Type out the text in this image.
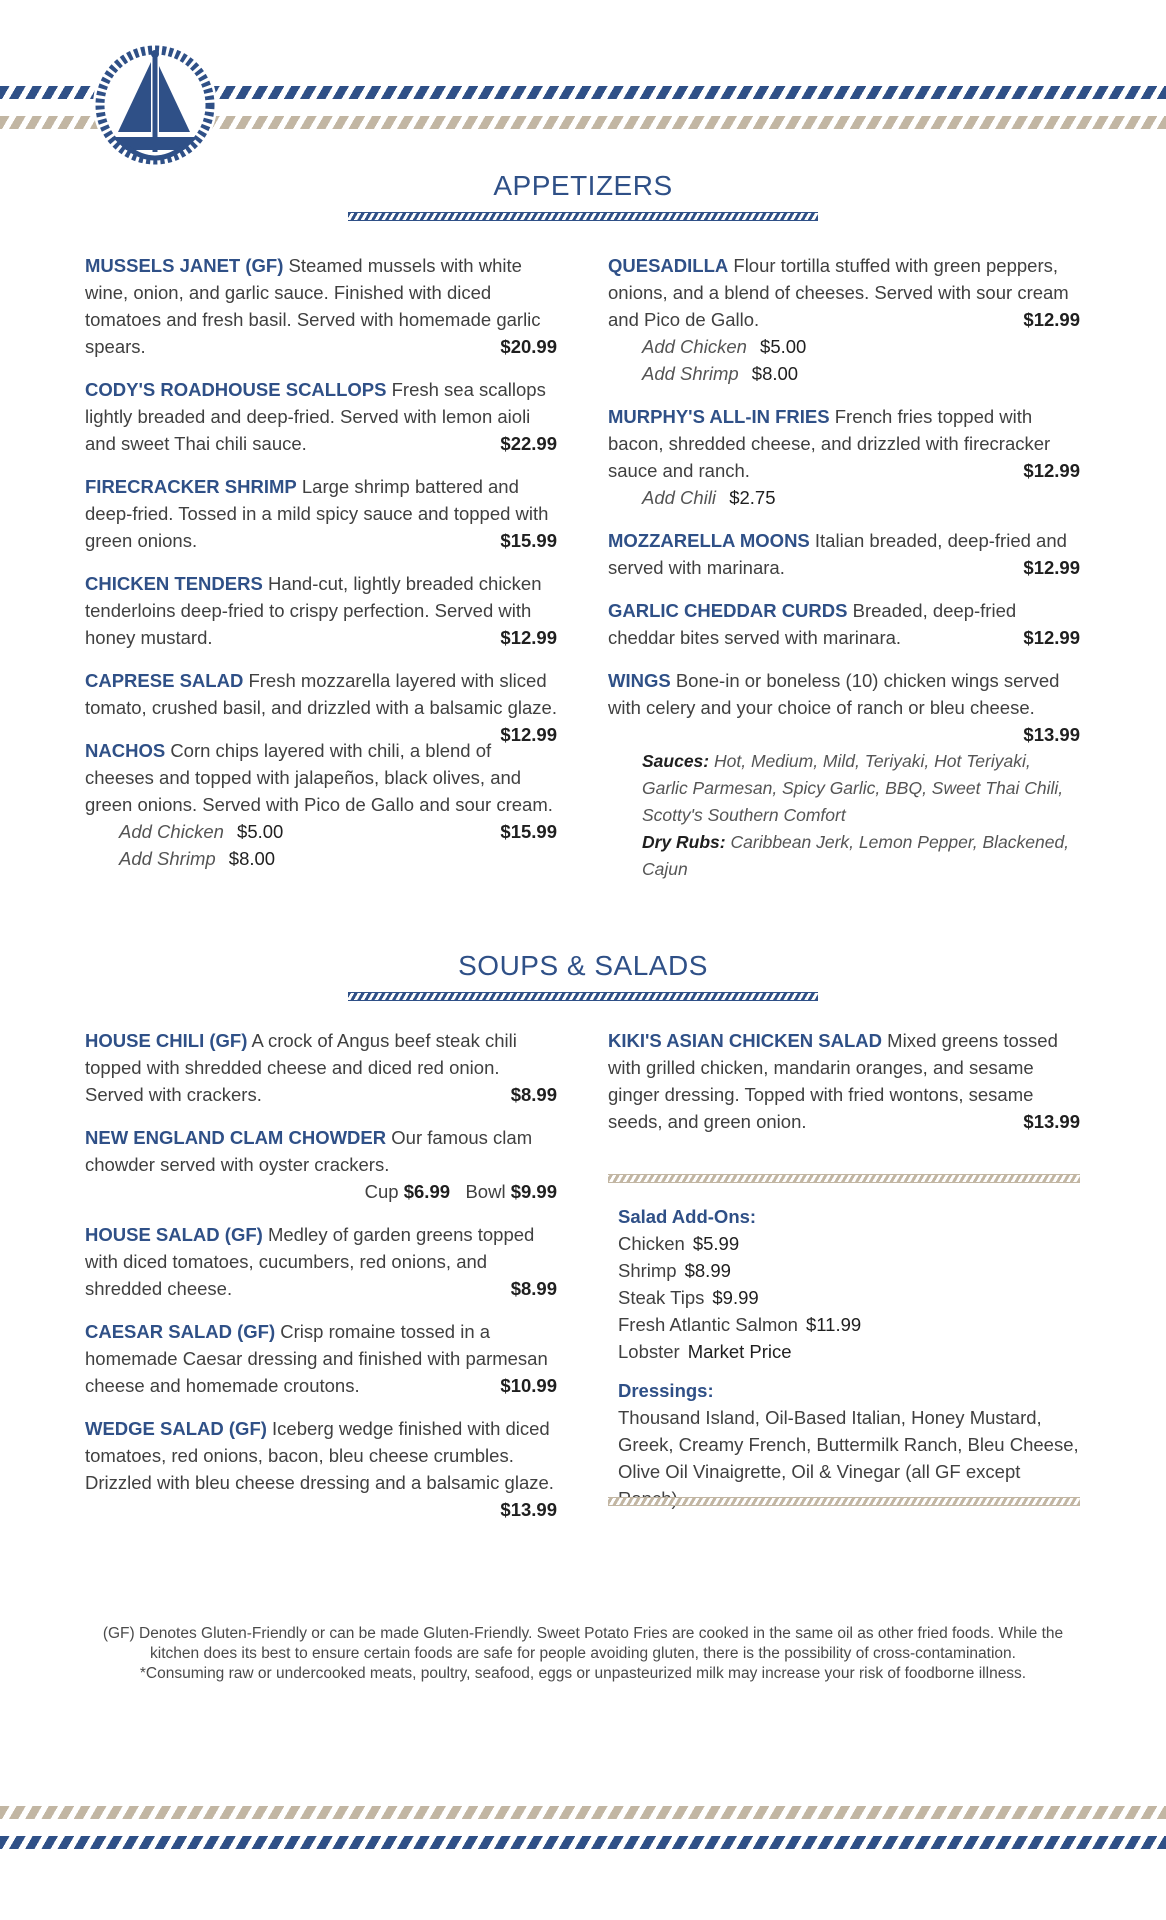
APPETIZERS
MUSSELS JANET (GF) Steamed mussels with white wine, onion, and garlic sauce. Finished with diced tomatoes and fresh basil. Served with homemade garlic spears.	$20.99
CODY'S ROADHOUSE SCALLOPS Fresh sea scallops lightly breaded and deep-fried. Served with lemon aioli and sweet Thai chili sauce.	$22.99
FIRECRACKER SHRIMP Large shrimp battered and deep-fried. Tossed in a mild spicy sauce and topped with green onions.	$15.99
CHICKEN TENDERS Hand-cut, lightly breaded chicken tenderloins deep-fried to crispy perfection. Served with honey mustard.	$12.99
CAPRESE SALAD Fresh mozzarella layered with sliced tomato, crushed basil, and drizzled with a balsamic glaze.
$12.99
NACHOS Corn chips layered with chili, a blend of cheeses and topped with jalapeños, black olives, and green onions. Served with Pico de Gallo and sour cream.
$15.99
Add Chicken $5.00
Add Shrimp $8.00
QUESADILLA Flour tortilla stuffed with green peppers, onions, and a blend of cheeses. Served with sour cream and Pico de Gallo.	$12.99
Add Chicken $5.00
Add Shrimp $8.00
MURPHY'S ALL-IN FRIES French fries topped with bacon, shredded cheese, and drizzled with firecracker sauce and ranch.	$12.99
Add Chili $2.75
MOZZARELLA MOONS Italian breaded, deep-fried and served with marinara.	$12.99
GARLIC CHEDDAR CURDS Breaded, deep-fried cheddar bites served with marinara.	$12.99
WINGS Bone-in or boneless (10) chicken wings served with celery and your choice of ranch or bleu cheese.
$13.99
Sauces: Hot, Medium, Mild, Teriyaki, Hot Teriyaki, Garlic Parmesan, Spicy Garlic, BBQ, Sweet Thai Chili, Scotty's Southern Comfort
Dry Rubs: Caribbean Jerk, Lemon Pepper, Blackened, Cajun
SOUPS & SALADS
HOUSE CHILI (GF) A crock of Angus beef steak chili topped with shredded cheese and diced red onion. Served with crackers.	$8.99
NEW ENGLAND CLAM CHOWDER Our famous clam chowder served with oyster crackers.
Cup $6.99 Bowl $9.99
HOUSE SALAD (GF) Medley of garden greens topped with diced tomatoes, cucumbers, red onions, and shredded cheese.	$8.99
CAESAR SALAD (GF) Crisp romaine tossed in a homemade Caesar dressing and finished with parmesan cheese and homemade croutons.	$10.99
WEDGE SALAD (GF) Iceberg wedge finished with diced tomatoes, red onions, bacon, bleu cheese crumbles. Drizzled with bleu cheese dressing and a balsamic glaze.
$13.99
KIKI'S ASIAN CHICKEN SALAD Mixed greens tossed with grilled chicken, mandarin oranges, and sesame ginger dressing. Topped with fried wontons, sesame seeds, and green onion.	$13.99
Salad Add-Ons:
Chicken $5.99
Shrimp $8.99
Steak Tips $9.99
Fresh Atlantic Salmon $11.99
Lobster Market Price
Dressings:
Thousand Island, Oil-Based Italian, Honey Mustard, Greek, Creamy French, Buttermilk Ranch, Bleu Cheese, Olive Oil Vinaigrette, Oil & Vinegar (all GF except
(GF) Denotes Gluten-Friendly or can be made Gluten-Friendly. Sweet Potato Fries are cooked in the same oil as other fried foods. While the kitchen does its best to ensure certain foods are safe for people avoiding gluten, there is the possibility of cross-contamination.
*Consuming raw or undercooked meats, poultry, seafood, eggs or unpasteurized milk may increase your risk of foodborne illness.
